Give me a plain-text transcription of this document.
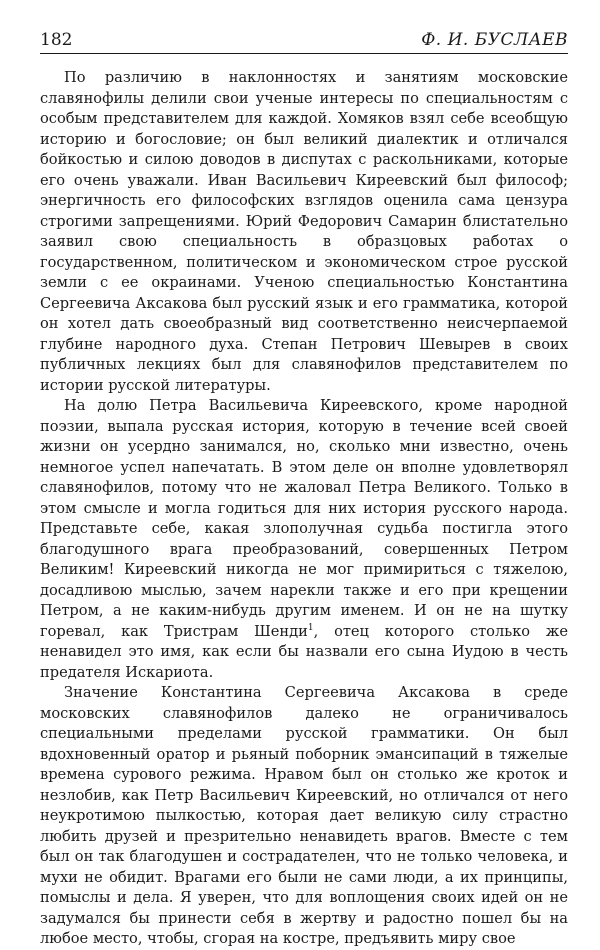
182	Ф. И. БУСЛАЕВ

По различию в наклонностях и занятиям московские славянофилы делили свои ученые интересы по специальностям с особым представителем для каждой. Хомяков взял себе всеобщую историю и богословие; он был великий диалектик и отличался бойкостью и силою доводов в диспутах с раскольниками, которые его очень уважали. Иван Васильевич Киреевский был философ; энергичность его философских взглядов оценила сама цензура строгими запрещениями. Юрий Федорович Самарин блистательно заявил свою специальность в образцовых работах о государственном, политическом и экономическом строе русской земли с ее окраинами. Ученою специальностью Константина Сергеевича Аксакова был русский язык и его грамматика, которой он хотел дать своеобразный вид соответственно неисчерпаемой глубине народного духа. Степан Петрович Шевырев в своих публичных лекциях был для славянофилов представителем по истории русской литературы.

На долю Петра Васильевича Киреевского, кроме народной поэзии, выпала русская история, которую в течение всей своей жизни он усердно занимался, но, сколько мни известно, очень немногое успел напечатать. В этом деле он вполне удовлетворял славянофилов, потому что не жаловал Петра Великого. Только в этом смысле и могла годиться для них история русского народа. Представьте себе, какая злополучная судьба постигла этого благодушного врага преобразований, совершенных Петром Великим! Киреевский никогда не мог примириться с тяжелою, досадливою мыслью, зачем нарекли также и его при крещении Петром, а не каким-нибудь другим именем. И он не на шутку горевал, как Тристрам Шенди$^1$, отец которого столько же ненавидел это имя, как если бы назвали его сына Иудою в честь предателя Искариота.

Значение Константина Сергеевича Аксакова в среде московских славянофилов далеко не ограничивалось специальными пределами русской грамматики. Он был вдохновенный оратор и рьяный поборник эмансипаций в тяжелые времена сурового режима. Нравом был он столько же кроток и незлобив, как Петр Васильевич Киреевский, но отличался от него неукротимою пылкостью, которая дает великую силу страстно любить друзей и презрительно ненавидеть врагов. Вместе с тем был он так благодушен и сострадателен, что не только человека, и мухи не обидит. Врагами его были не сами люди, а их принципы, помыслы и дела. Я уверен, что для воплощения своих идей он не задумался бы принести себя в жертву и радостно пошел бы на любое место, чтобы, сгорая на костре, предъявить миру свое
